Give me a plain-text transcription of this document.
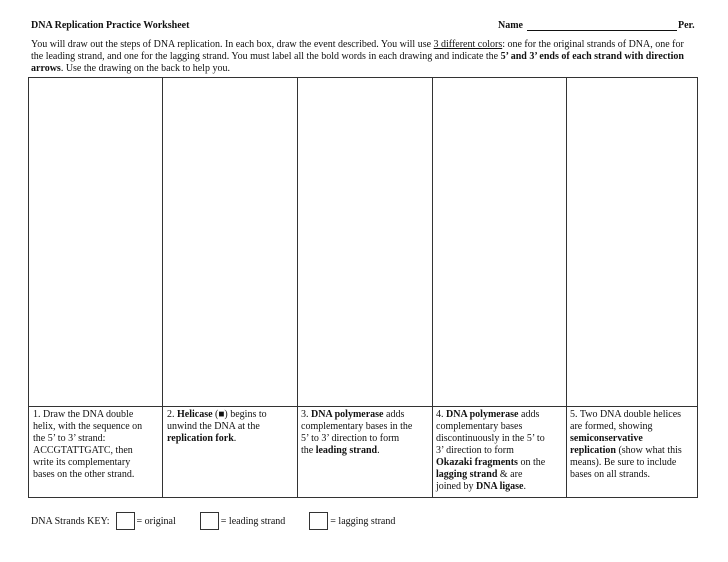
DNA Replication Practice Worksheet	Name	Per.
You will draw out the steps of DNA replication. In each box, draw the event described. You will use 3 different colors: one for the original strands of DNA, one for the leading strand, and one for the lagging strand. You must label all the bold words in each drawing and indicate the 5’ and 3’ ends of each strand with direction arrows. Use the drawing on the back to help you.
1. Draw the DNA double
helix, with the sequence on
the 5’ to 3’ strand:
ACCGTATTGATC, then
write its complementary
bases on the other strand.
2. Helicase (■) begins to
unwind the DNA at the
replication fork.
3. DNA polymerase adds
complementary bases in the
5’ to 3’ direction to form
the leading strand.
4. DNA polymerase adds
complementary bases
discontinuously in the 5’ to
3’ direction to form
Okazaki fragments on the
lagging strand & are
joined by DNA ligase.
5. Two DNA double helices
are formed, showing
semiconservative
replication (show what this
means). Be sure to include
bases on all strands.
DNA Strands KEY:	= original	= leading strand	= lagging strand
